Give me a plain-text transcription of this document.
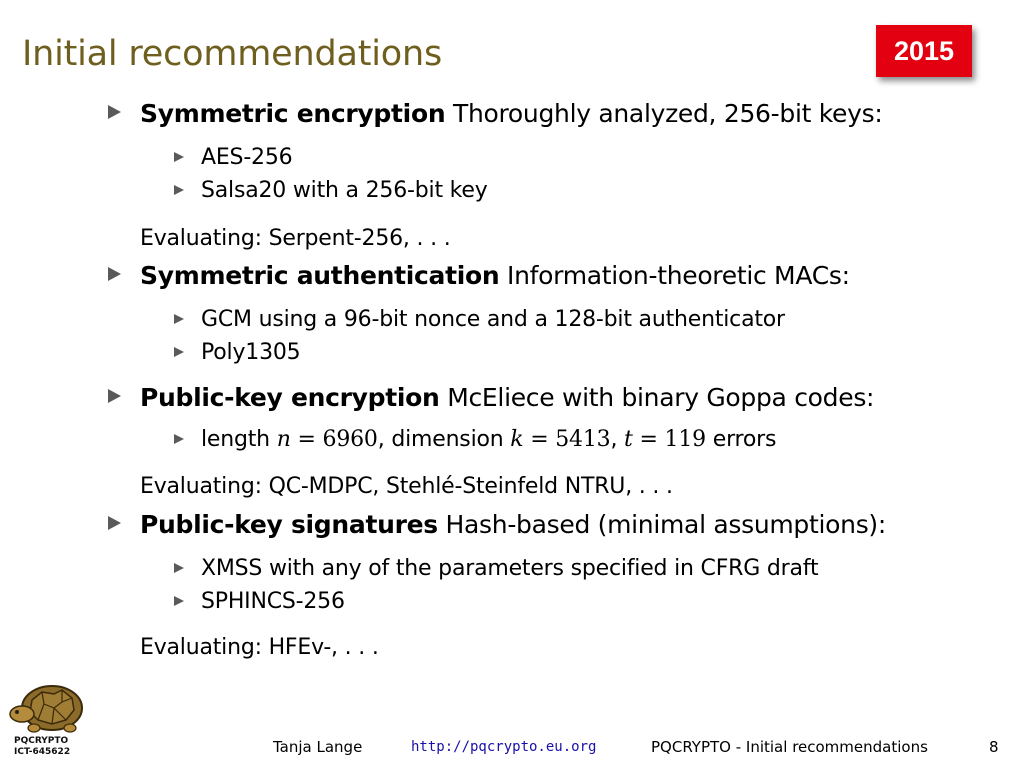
Initial recommendations	2015
Symmetric encryption Thoroughly analyzed, 256-bit keys:
AES-256
Salsa20 with a 256-bit key
Evaluating: Serpent-256, . . .
Symmetric authentication Information-theoretic MACs:
GCM using a 96-bit nonce and a 128-bit authenticator
Poly1305
Public-key encryption McEliece with binary Goppa codes:
length n = 6960, dimension k = 5413, t = 119 errors
Evaluating: QC-MDPC, Stehlé-Steinfeld NTRU, . . .
Public-key signatures Hash-based (minimal assumptions):
XMSS with any of the parameters specified in CFRG draft
SPHINCS-256
Evaluating: HFEv-, . . .
PQCRYPTO
ICT-645622	Tanja Lange	http://pqcrypto.eu.org	PQCRYPTO - Initial recommendations	8
